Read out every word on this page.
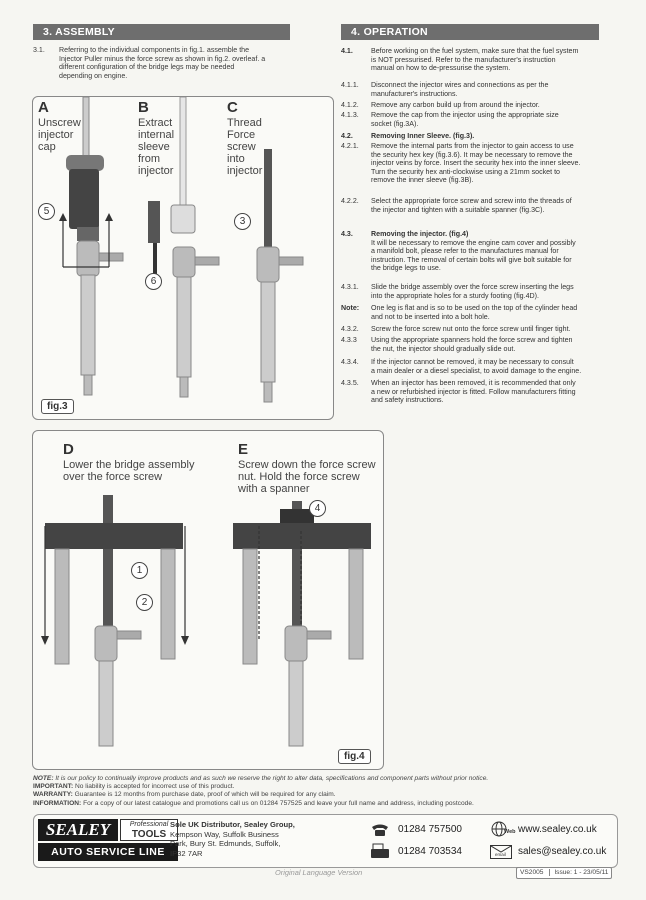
3. ASSEMBLY
3.1.	Referring to the individual components in fig.1. assemble the
Injector Puller minus the force screw as shown in fig.2. overleaf. a
different configuration of the bridge legs may be needed
depending on engine.
A
Unscrew
injector
cap
5
B
Extract
internal
sleeve
from
injector
6
C
Thread
Force
screw
into
injector
3
fig.3
D
Lower the bridge assembly
over the force screw
1
2
E
Screw down the force screw
nut. Hold the force screw
with a spanner
4
fig.4
4. OPERATION
4.1.	Before working on the fuel system, make sure that the fuel system
is NOT pressurised. Refer to the manufacturer's instruction
manual on how to de-pressurise the system.
4.1.1.	Disconnect the injector wires and connections as per the
manufacturer's instructions.
4.1.2.	Remove any carbon build up from around the injector.
4.1.3.	Remove the cap from the injector using the appropriate size
socket (fig.3A).
4.2.	Removing Inner Sleeve. (fig.3).
4.2.1.	Remove the internal parts from the injector to gain access to use
the security hex key (fig.3.6). It may be necessary to remove the
injector veins by force. Insert the security hex into the inner sleeve.
Turn the security hex anti-clockwise using a 21mm socket to
remove the inner sleeve (fig.3B).
4.2.2.	Select the appropriate force screw and screw into the threads of
the injector and tighten with a suitable spanner (fig.3C).
4.3.	Removing the injector. (fig.4)
It will be necessary to remove the engine cam cover and possibly
a manifold bolt, please refer to the manufactures manual for
instruction. The removal of certain bolts will give bolt suitable for
the bridge legs to use.
4.3.1.	Slide the bridge assembly over the force screw inserting the legs
into the appropriate holes for a sturdy footing (fig.4D).
Note:	One leg is flat and is so to be used on the top of the cylinder head
and not to be inserted into a bolt hole.
4.3.2.	Screw the force screw nut onto the force screw until finger tight.
4.3.3	Using the appropriate spanners hold the force screw and tighten
the nut, the injector should gradually slide out.
4.3.4.	If the injector cannot be removed, it may be necessary to consult
a main dealer or a diesel specialist, to avoid damage to the engine.
4.3.5.	When an injector has been removed, it is recommended that only
a new or refurbished injector is fitted. Follow manufacturers fitting
and safety instructions.
NOTE: It is our policy to continually improve products and as such we reserve the right to alter data, specifications and component parts without prior notice.
IMPORTANT: No liability is accepted for incorrect use of this product.
WARRANTY: Guarantee is 12 months from purchase date, proof of which will be required for any claim.
INFORMATION: For a copy of our latest catalogue and promotions call us on 01284 757525 and leave your full name and address, including postcode.
SEALEY	Professional
TOOLS
AUTO SERVICE LINE
Sole UK Distributor, Sealey Group,
Kempson Way, Suffolk Business
Park, Bury St. Edmunds, Suffolk,
IP32 7AR
01284 757500
01284 703534
Web www.sealey.co.uk
email sales@sealey.co.uk
Original Language Version	VS2005 Issue: 1 - 23/05/11
